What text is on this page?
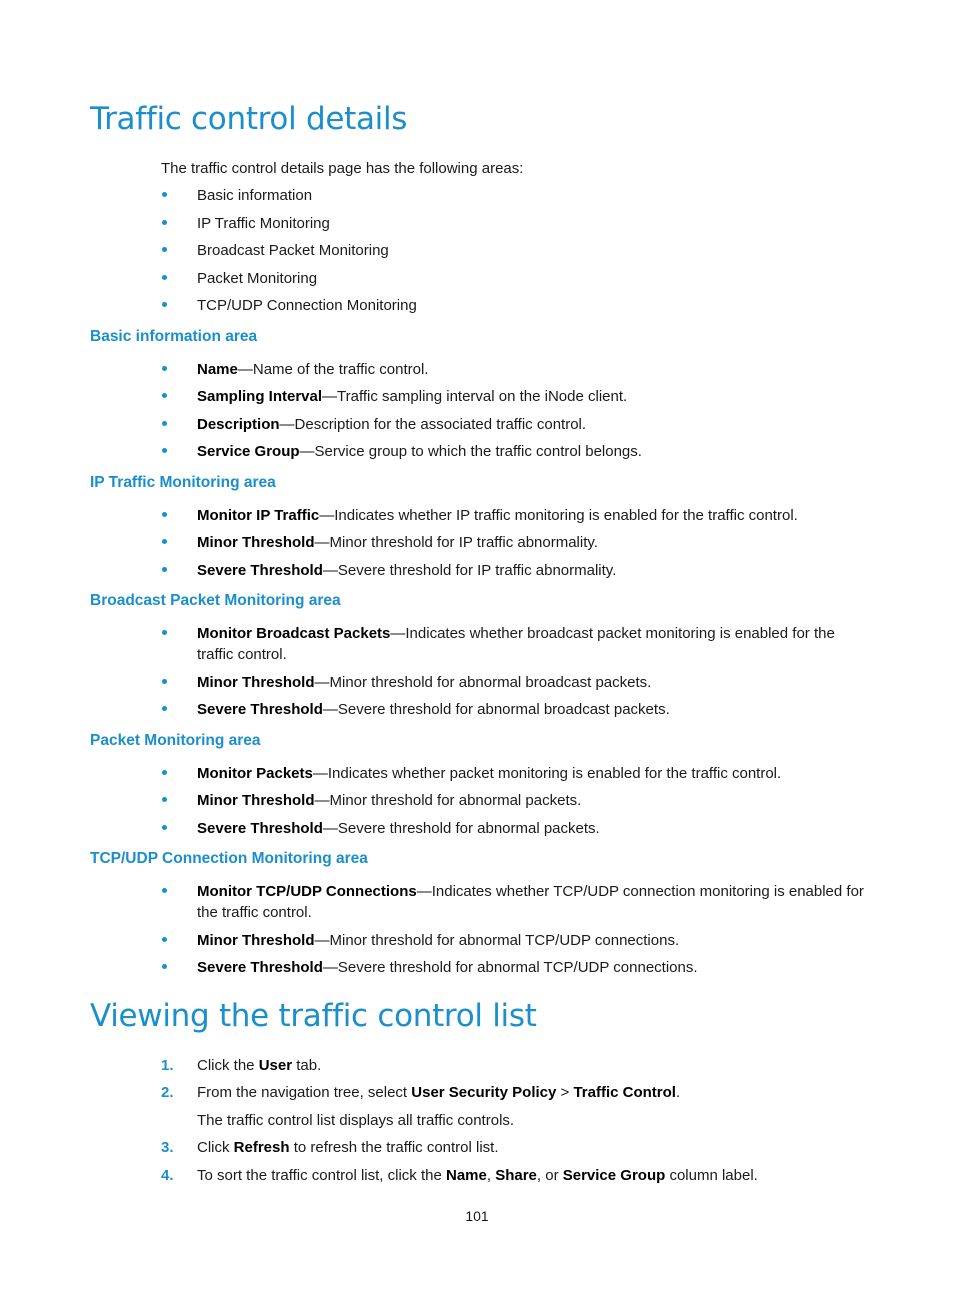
Traffic control details
The traffic control details page has the following areas:
Basic information
IP Traffic Monitoring
Broadcast Packet Monitoring
Packet Monitoring
TCP/UDP Connection Monitoring
Basic information area
Name—Name of the traffic control.
Sampling Interval—Traffic sampling interval on the iNode client.
Description—Description for the associated traffic control.
Service Group—Service group to which the traffic control belongs.
IP Traffic Monitoring area
Monitor IP Traffic—Indicates whether IP traffic monitoring is enabled for the traffic control.
Minor Threshold—Minor threshold for IP traffic abnormality.
Severe Threshold—Severe threshold for IP traffic abnormality.
Broadcast Packet Monitoring area
Monitor Broadcast Packets—Indicates whether broadcast packet monitoring is enabled for the traffic control.
Minor Threshold—Minor threshold for abnormal broadcast packets.
Severe Threshold—Severe threshold for abnormal broadcast packets.
Packet Monitoring area
Monitor Packets—Indicates whether packet monitoring is enabled for the traffic control.
Minor Threshold—Minor threshold for abnormal packets.
Severe Threshold—Severe threshold for abnormal packets.
TCP/UDP Connection Monitoring area
Monitor TCP/UDP Connections—Indicates whether TCP/UDP connection monitoring is enabled for the traffic control.
Minor Threshold—Minor threshold for abnormal TCP/UDP connections.
Severe Threshold—Severe threshold for abnormal TCP/UDP connections.
Viewing the traffic control list
1. Click the User tab.
2. From the navigation tree, select User Security Policy > Traffic Control.
The traffic control list displays all traffic controls.
3. Click Refresh to refresh the traffic control list.
4. To sort the traffic control list, click the Name, Share, or Service Group column label.
101
